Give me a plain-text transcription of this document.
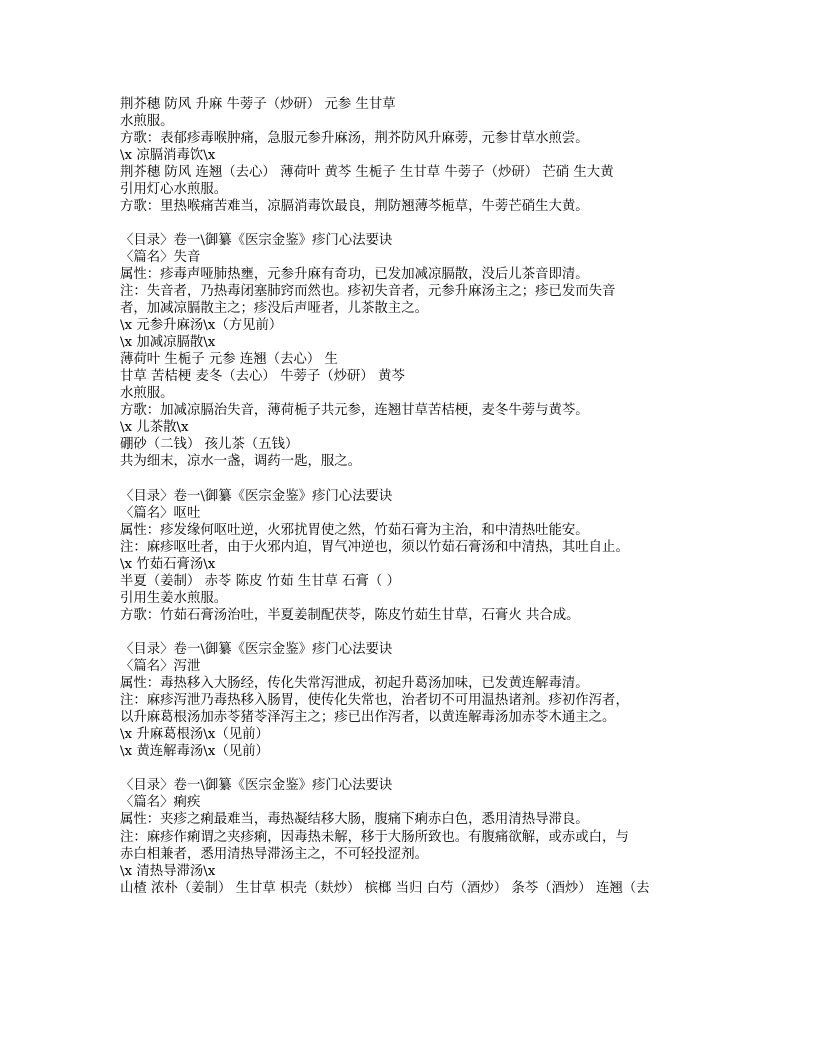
荆芥穗 防风 升麻 牛蒡子（炒研） 元参 生甘草
水煎服。
方歌：表郁疹毒喉肿痛，急服元参升麻汤，荆芥防风升麻蒡，元参甘草水煎尝。
\x 凉膈消毒饮\x
荆芥穗 防风 连翘（去心） 薄荷叶 黄芩 生栀子 生甘草 牛蒡子（炒研） 芒硝 生大黄
引用灯心水煎服。
方歌：里热喉痛苦难当，凉膈消毒饮最良，荆防翘薄芩栀草，牛蒡芒硝生大黄。
〈目录〉卷一\御纂《医宗金鉴》疹门心法要诀
〈篇名〉失音
属性：疹毒声哑肺热壅，元参升麻有奇功，已发加减凉膈散，没后儿茶音即清。
注：失音者，乃热毒闭塞肺窍而然也。疹初失音者，元参升麻汤主之；疹已发而失音
者，加减凉膈散主之；疹没后声哑者，儿茶散主之。
\x 元参升麻汤\x（方见前）
\x 加减凉膈散\x
薄荷叶 生栀子 元参 连翘（去心） 生
甘草 苦桔梗 麦冬（去心） 牛蒡子（炒研） 黄芩
水煎服。
方歌：加减凉膈治失音，薄荷栀子共元参，连翘甘草苦桔梗，麦冬牛蒡与黄芩。
\x 儿茶散\x
硼砂（二钱） 孩儿茶（五钱）
共为细末，凉水一盏，调药一匙，服之。
〈目录〉卷一\御纂《医宗金鉴》疹门心法要诀
〈篇名〉呕吐
属性：疹发缘何呕吐逆，火邪扰胃使之然，竹茹石膏为主治，和中清热吐能安。
注：麻疹呕吐者，由于火邪内迫，胃气冲逆也，须以竹茹石膏汤和中清热，其吐自止。
\x 竹茹石膏汤\x
半夏（姜制） 赤苓 陈皮 竹茹 生甘草 石膏（ ）
引用生姜水煎服。
方歌：竹茹石膏汤治吐，半夏姜制配茯苓，陈皮竹茹生甘草，石膏火 共合成。
〈目录〉卷一\御纂《医宗金鉴》疹门心法要诀
〈篇名〉泻泄
属性：毒热移入大肠经，传化失常泻泄成，初起升葛汤加味，已发黄连解毒清。
注：麻疹泻泄乃毒热移入肠胃，使传化失常也，治者切不可用温热诸剂。疹初作泻者，
以升麻葛根汤加赤苓猪苓泽泻主之；疹已出作泻者，以黄连解毒汤加赤苓木通主之。
\x 升麻葛根汤\x（见前）
\x 黄连解毒汤\x（见前）
〈目录〉卷一\御纂《医宗金鉴》疹门心法要诀
〈篇名〉痢疾
属性：夹疹之痢最难当，毒热凝结移大肠，腹痛下痢赤白色，悉用清热导滞良。
注：麻疹作痢谓之夹疹痢，因毒热未解，移于大肠所致也。有腹痛欲解，或赤或白，与
赤白相兼者，悉用清热导滞汤主之，不可轻投涩剂。
\x 清热导滞汤\x
山楂 浓朴（姜制） 生甘草 枳壳（麸炒） 槟榔 当归 白芍（酒炒） 条芩（酒炒） 连翘（去
